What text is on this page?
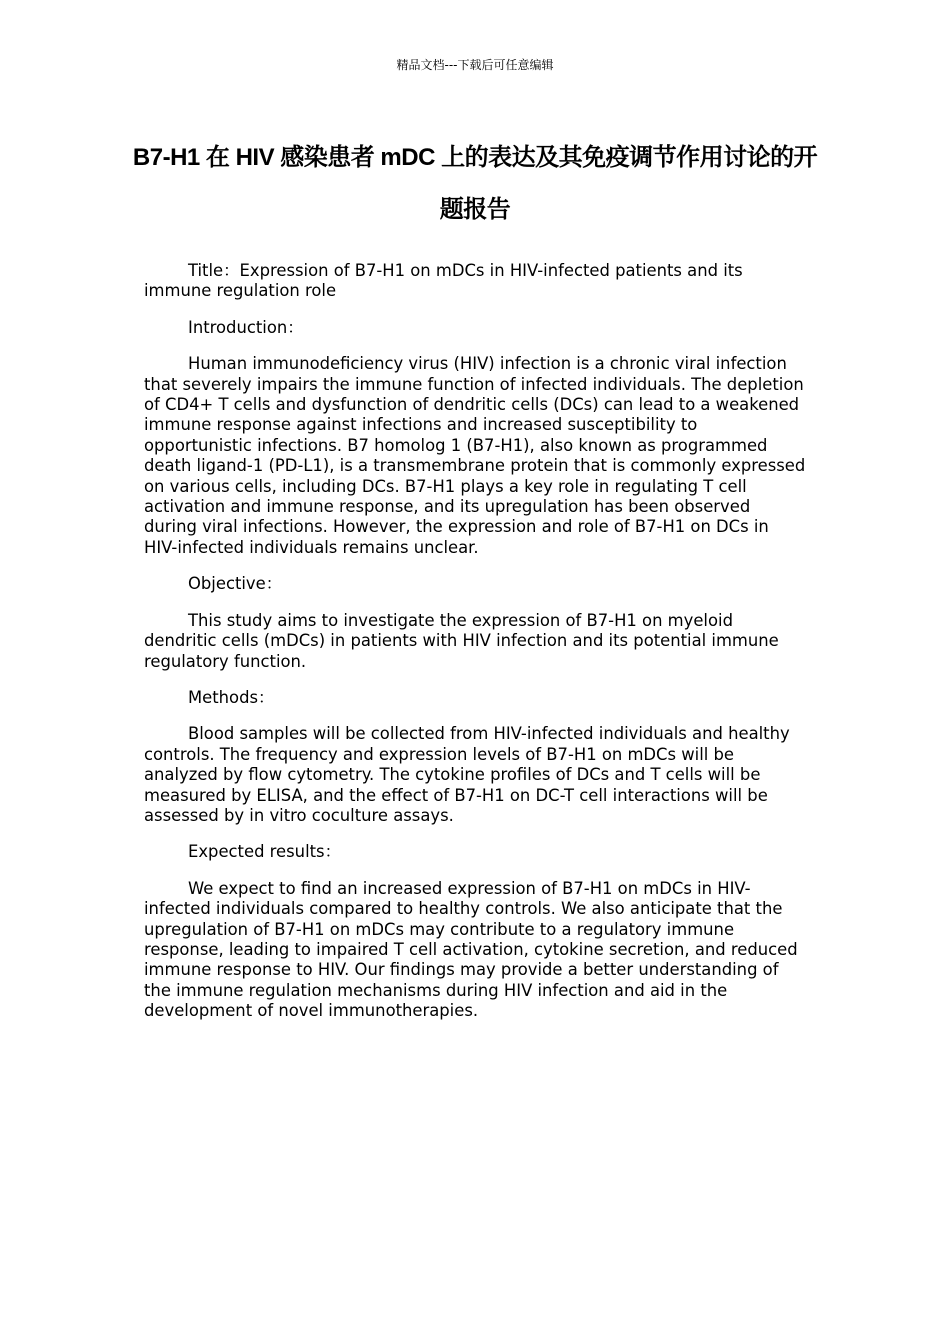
精品文档---下载后可任意编辑
B7-H1 在 HIV 感染患者 mDC 上的表达及其免疫调节作用讨论的开题报告

Title：Expression of B7-H1 on mDCs in HIV-infected patients and its immune regulation role

Introduction：

Human immunodeficiency virus (HIV) infection is a chronic viral infection that severely impairs the immune function of infected individuals. The depletion of CD4+ T cells and dysfunction of dendritic cells (DCs) can lead to a weakened immune response against infections and increased susceptibility to opportunistic infections. B7 homolog 1 (B7-H1), also known as programmed death ligand-1 (PD-L1), is a transmembrane protein that is commonly expressed on various cells, including DCs. B7-H1 plays a key role in regulating T cell activation and immune response, and its upregulation has been observed during viral infections. However, the expression and role of B7-H1 on DCs in HIV-infected individuals remains unclear.

Objective：

This study aims to investigate the expression of B7-H1 on myeloid dendritic cells (mDCs) in patients with HIV infection and its potential immune regulatory function.

Methods：

Blood samples will be collected from HIV-infected individuals and healthy controls. The frequency and expression levels of B7-H1 on mDCs will be analyzed by flow cytometry. The cytokine profiles of DCs and T cells will be measured by ELISA, and the effect of B7-H1 on DC-T cell interactions will be assessed by in vitro coculture assays.

Expected results：

We expect to find an increased expression of B7-H1 on mDCs in HIV-infected individuals compared to healthy controls. We also anticipate that the upregulation of B7-H1 on mDCs may contribute to a regulatory immune response, leading to impaired T cell activation, cytokine secretion, and reduced immune response to HIV. Our findings may provide a better understanding of the immune regulation mechanisms during HIV infection and aid in the development of novel immunotherapies.
